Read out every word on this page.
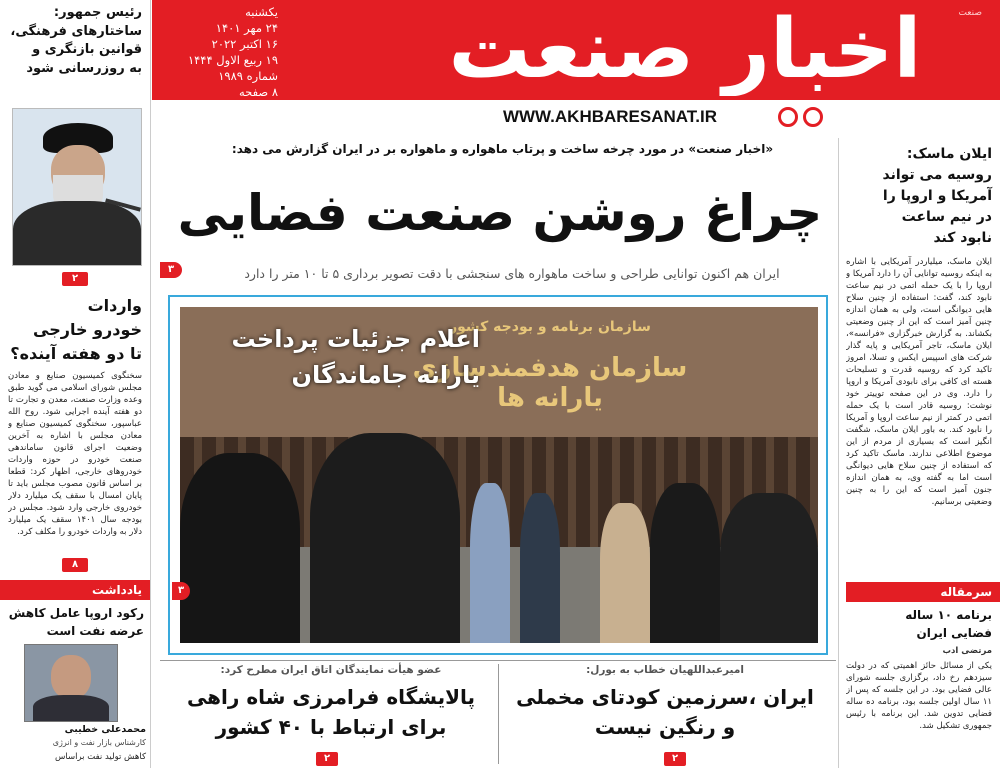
اخبار صنعت	صنعت
یکشنبه
۲۴ مهر ۱۴۰۱
۱۶ اکتبر ۲۰۲۲
۱۹ ربیع الاول ۱۴۴۴
شماره ۱۹۸۹
۸ صفحه
۵۰۰۰ تومان	WWW.AKHBARESANAT.IR
رئیس جمهور:
ساختارهای فرهنگی،
قوانین بازنگری و
به روزرسانی شود
۲
واردات
خودرو خارجی
تا دو هفته آینده؟
سخنگوی کمیسیون صنایع و معادن مجلس شورای اسلامی می گوید طبق وعده وزارت صنعت، معدن و تجارت تا دو هفته آینده اجرایی شود. روح الله عباسپور، سخنگوی کمیسیون صنایع و معادن مجلس با اشاره به آخرین وضعیت اجرای قانون ساماندهی صنعت خودرو در حوزه واردات خودروهای خارجی، اظهار کرد: قطعا بر اساس قانون مصوب مجلس باید تا پایان امسال با سقف یک میلیارد دلار خودروی خارجی وارد شود. مجلس در بودجه سال ۱۴۰۱ سقف یک میلیارد دلار به واردات خودرو را مکلف کرد.
۸
یادداشت
رکود اروپا عامل کاهش
عرضه نفت است
محمدعلی خطیبی
کارشناس بازار نفت و انرژی
کاهش تولید نفت براساس
«اخبار صنعت» در مورد چرخه ساخت و پرتاب ماهواره و ماهواره بر در ایران گزارش می دهد:
چراغ روشن صنعت فضایی
۳	ایران هم اکنون توانایی طراحی و ساخت ماهواره های سنجشی با دقت تصویر برداری ۵ تا ۱۰ متر را دارد
سازمان برنامه و بودجه کشور
سازمان هدفمندسازی یارانه ها
اعلام جزئیات پرداخت
یارانه جاماندگان
۳
عضو هیأت نمایندگان اتاق ایران مطرح کرد:
پالایشگاه فرامرزی شاه راهی
برای ارتباط با ۴۰ کشور
۲
امیرعبداللهیان خطاب به بورل:
ایران ،سرزمین کودتای مخملی
و رنگین نیست
۲
ایلان ماسک:
روسیه می تواند
آمریکا و اروپا را
در نیم ساعت
نابود کند
ایلان ماسک، میلیاردر آمریکایی با اشاره به اینکه روسیه توانایی آن را دارد آمریکا و اروپا را با یک حمله اتمی در نیم ساعت نابود کند، گفت: استفاده از چنین سلاح هایی دیوانگی است، ولی به همان اندازه چنین آمیز است که این از چنین وضعیتی بکشاند. به گزارش خبرگزاری «فرانسه»، ایلان ماسک، تاجر آمریکایی و پایه گذار شرکت های اسپیس ایکس و تسلا، امروز تاکید کرد که روسیه قدرت و تسلیحات هسته ای کافی برای نابودی آمریکا و اروپا را دارد. وی در این صفحه توییتر خود نوشت: روسیه قادر است با یک حمله اتمی در کمتر از نیم ساعت اروپا و آمریکا را نابود کند. به باور ایلان ماسک، شگفت انگیز است که بسیاری از مردم از این موضوع اطلاعی ندارند. ماسک تاکید کرد که استفاده از چنین سلاح هایی دیوانگی است اما به گفته وی، به همان اندازه جنون آمیز است که این را به چنین وضعیتی برسانیم.
سرمقاله
برنامه ۱۰ ساله
فضایی ایران
مرتضی ادب
یکی از مسائل حائز اهمیتی که در دولت سیزدهم رخ داد، برگزاری جلسه شورای عالی فضایی بود. در این جلسه که پس از ۱۱ سال اولین جلسه بود، برنامه ده ساله فضایی تدوین شد. این برنامه با رئیس جمهوری تشکیل شد.
